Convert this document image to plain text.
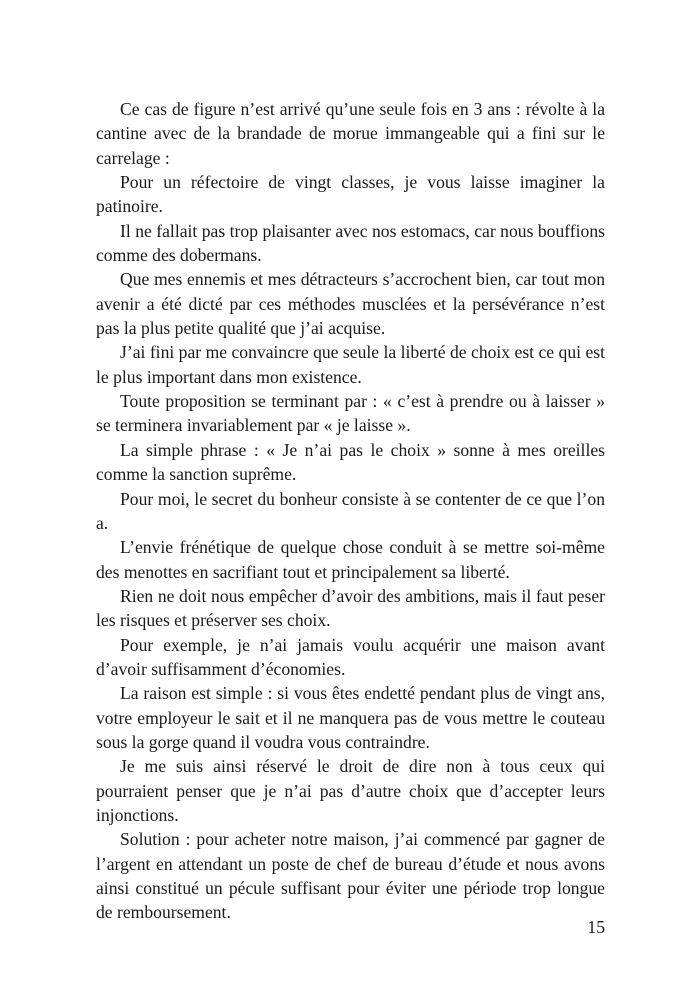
Ce cas de figure n’est arrivé qu’une seule fois en 3 ans : révolte à la cantine avec de la brandade de morue immangeable qui a fini sur le carrelage :

Pour un réfectoire de vingt classes, je vous laisse imaginer la patinoire.

Il ne fallait pas trop plaisanter avec nos estomacs, car nous bouffions comme des dobermans.

Que mes ennemis et mes détracteurs s’accrochent bien, car tout mon avenir a été dicté par ces méthodes musclées et la persévérance n’est pas la plus petite qualité que j’ai acquise.

J’ai fini par me convaincre que seule la liberté de choix est ce qui est le plus important dans mon existence.

Toute proposition se terminant par : « c’est à prendre ou à laisser » se terminera invariablement par « je laisse ».

La simple phrase : « Je n’ai pas le choix » sonne à mes oreilles comme la sanction suprême.

Pour moi, le secret du bonheur consiste à se contenter de ce que l’on a.

L’envie frénétique de quelque chose conduit à se mettre soi-même des menottes en sacrifiant tout et principalement sa liberté.

Rien ne doit nous empêcher d’avoir des ambitions, mais il faut peser les risques et préserver ses choix.

Pour exemple, je n’ai jamais voulu acquérir une maison avant d’avoir suffisamment d’économies.

La raison est simple : si vous êtes endetté pendant plus de vingt ans, votre employeur le sait et il ne manquera pas de vous mettre le couteau sous la gorge quand il voudra vous contraindre.

Je me suis ainsi réservé le droit de dire non à tous ceux qui pourraient penser que je n’ai pas d’autre choix que d’accepter leurs injonctions.

Solution : pour acheter notre maison, j’ai commencé par gagner de l’argent en attendant un poste de chef de bureau d’étude et nous avons ainsi constitué un pécule suffisant pour éviter une période trop longue de remboursement.

15
